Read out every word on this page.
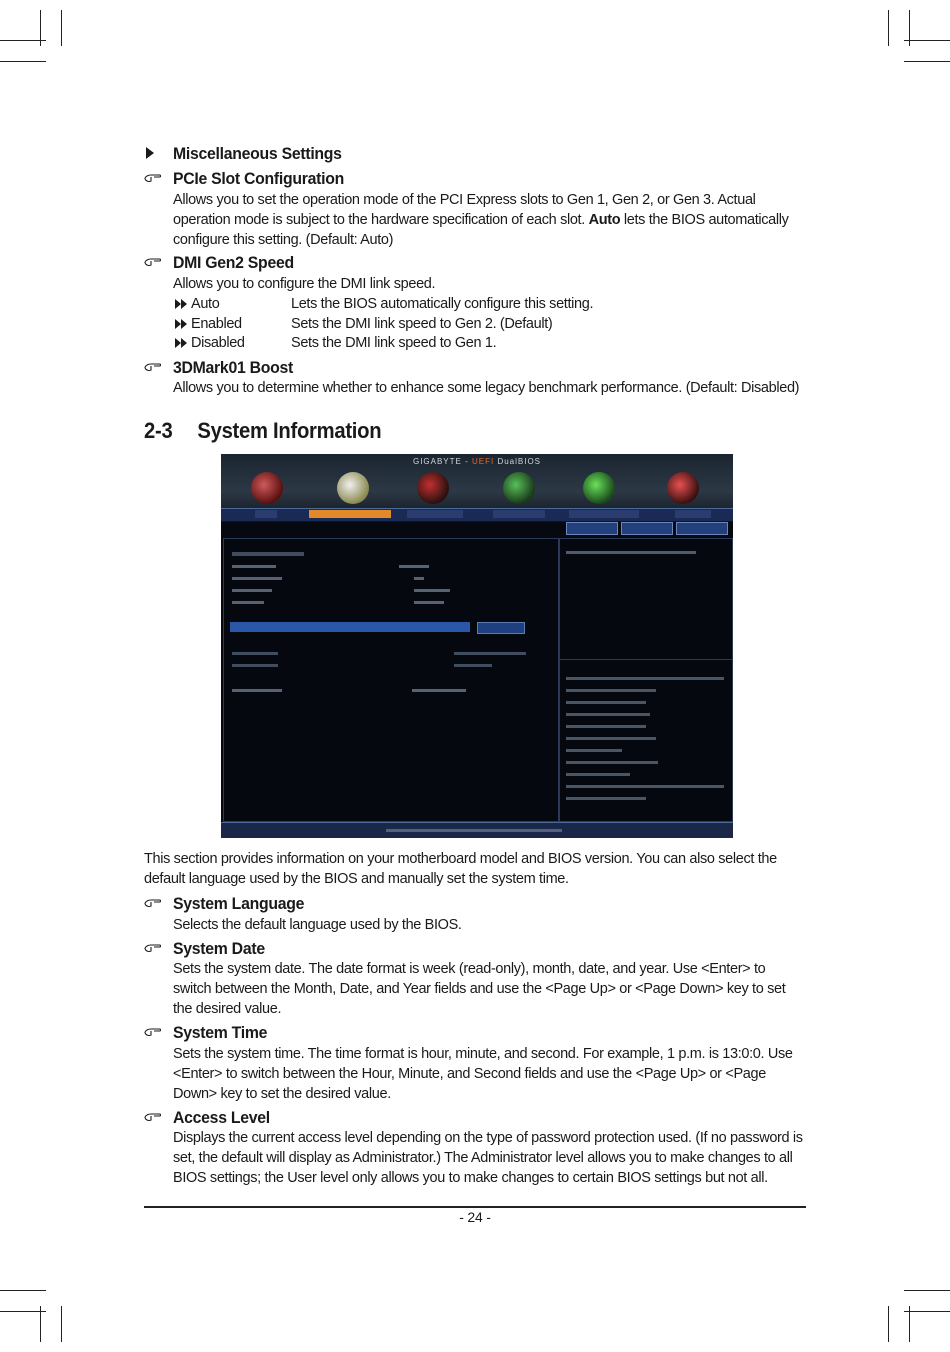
Miscellaneous Settings
PCIe Slot Configuration
Allows you to set the operation mode of the PCI Express slots to Gen 1, Gen 2, or Gen 3. Actual operation mode is subject to the hardware specification of each slot. Auto lets the BIOS automatically configure this setting. (Default: Auto)
DMI Gen2 Speed
Allows you to configure the DMI link speed.
Auto	Lets the BIOS automatically configure this setting.
Enabled	Sets the DMI link speed to Gen 2. (Default)
Disabled	Sets the DMI link speed to Gen 1.
3DMark01 Boost
Allows you to determine whether to enhance some legacy benchmark performance. (Default: Disabled)
2-3 System Information
GIGABYTE - UEFI DualBIOS
This section provides information on your motherboard model and BIOS version. You can also select the default language used by the BIOS and manually set the system time.
System Language
Selects the default language used by the BIOS.
System Date
Sets the system date. The date format is week (read-only), month, date, and year. Use <Enter> to switch between the Month, Date, and Year fields and use the <Page Up> or <Page Down> key to set the desired value.
System Time
Sets the system time. The time format is hour, minute, and second. For example, 1 p.m. is 13:0:0. Use <Enter> to switch between the Hour, Minute, and Second fields and use the <Page Up> or <Page Down> key to set the desired value.
Access Level
Displays the current access level depending on the type of password protection used. (If no password is set, the default will display as Administrator.) The Administrator level allows you to make changes to all BIOS settings; the User level only allows you to make changes to certain BIOS settings but not all.
- 24 -
